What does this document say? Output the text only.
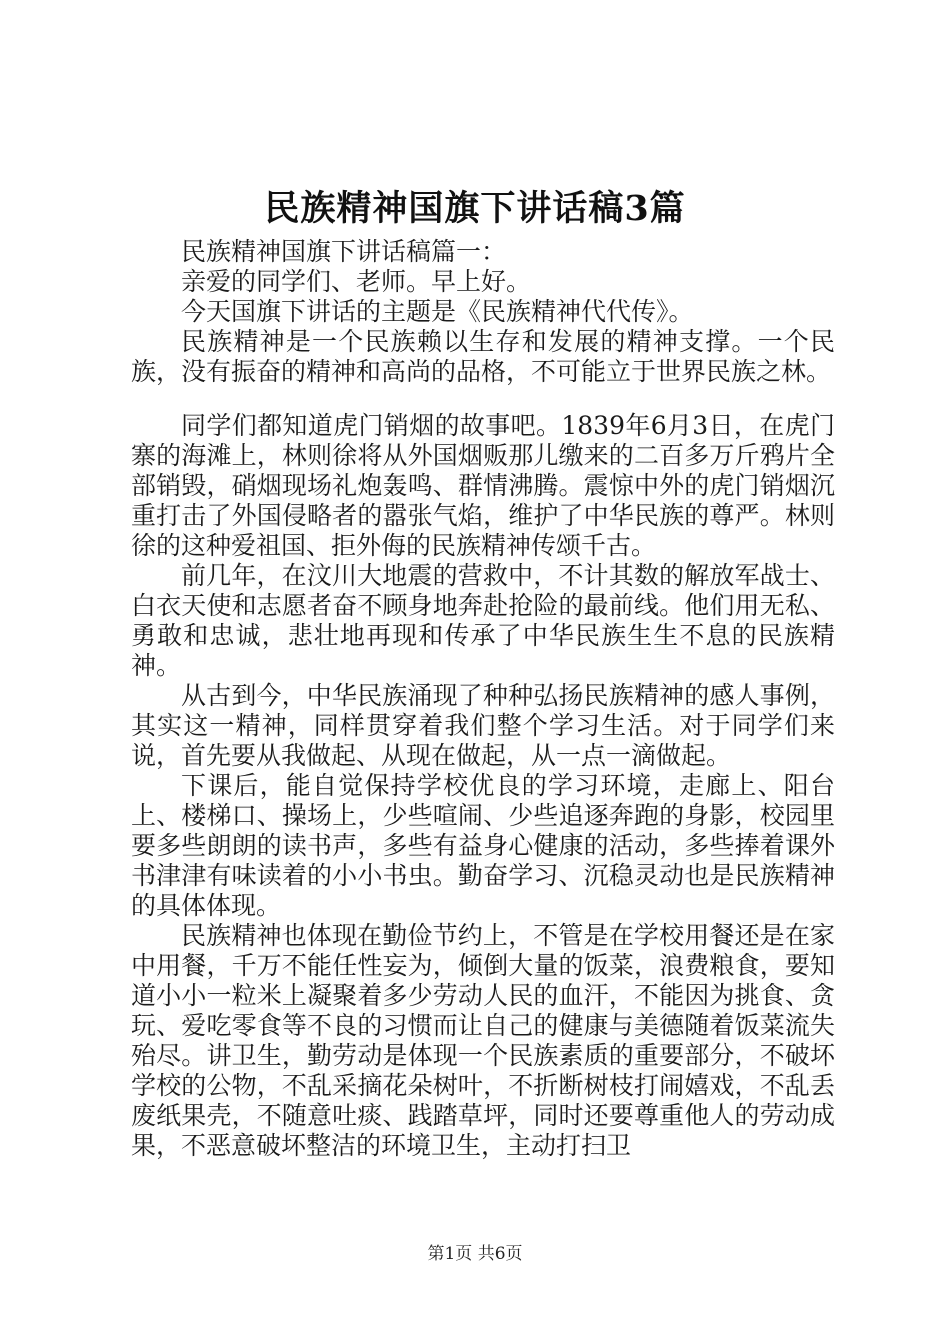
民族精神国旗下讲话稿3篇

民族精神国旗下讲话稿篇一：

亲爱的同学们、老师。早上好。

今天国旗下讲话的主题是《民族精神代代传》。

民族精神是一个民族赖以生存和发展的精神支撑。一个民族，没有振奋的精神和高尚的品格，不可能立于世界民族之林。

同学们都知道虎门销烟的故事吧。1839年6月3日，在虎门寨的海滩上，林则徐将从外国烟贩那儿缴来的二百多万斤鸦片全部销毁，硝烟现场礼炮轰鸣、群情沸腾。震惊中外的虎门销烟沉重打击了外国侵略者的嚣张气焰，维护了中华民族的尊严。林则徐的这种爱祖国、拒外侮的民族精神传颂千古。

前几年，在汶川大地震的营救中，不计其数的解放军战士、白衣天使和志愿者奋不顾身地奔赴抢险的最前线。他们用无私、勇敢和忠诚，悲壮地再现和传承了中华民族生生不息的民族精神。

从古到今，中华民族涌现了种种弘扬民族精神的感人事例，其实这一精神，同样贯穿着我们整个学习生活。对于同学们来说，首先要从我做起、从现在做起，从一点一滴做起。

下课后，能自觉保持学校优良的学习环境，走廊上、阳台上、楼梯口、操场上，少些喧闹、少些追逐奔跑的身影，校园里要多些朗朗的读书声，多些有益身心健康的活动，多些捧着课外书津津有味读着的小小书虫。勤奋学习、沉稳灵动也是民族精神的具体体现。

民族精神也体现在勤俭节约上，不管是在学校用餐还是在家中用餐，千万不能任性妄为，倾倒大量的饭菜，浪费粮食，要知道小小一粒米上凝聚着多少劳动人民的血汗，不能因为挑食、贪玩、爱吃零食等不良的习惯而让自己的健康与美德随着饭菜流失殆尽。讲卫生，勤劳动是体现一个民族素质的重要部分，不破坏学校的公物，不乱采摘花朵树叶，不折断树枝打闹嬉戏，不乱丢废纸果壳，不随意吐痰、践踏草坪，同时还要尊重他人的劳动成果，不恶意破坏整洁的环境卫生，主动打扫卫

第1页 共6页
